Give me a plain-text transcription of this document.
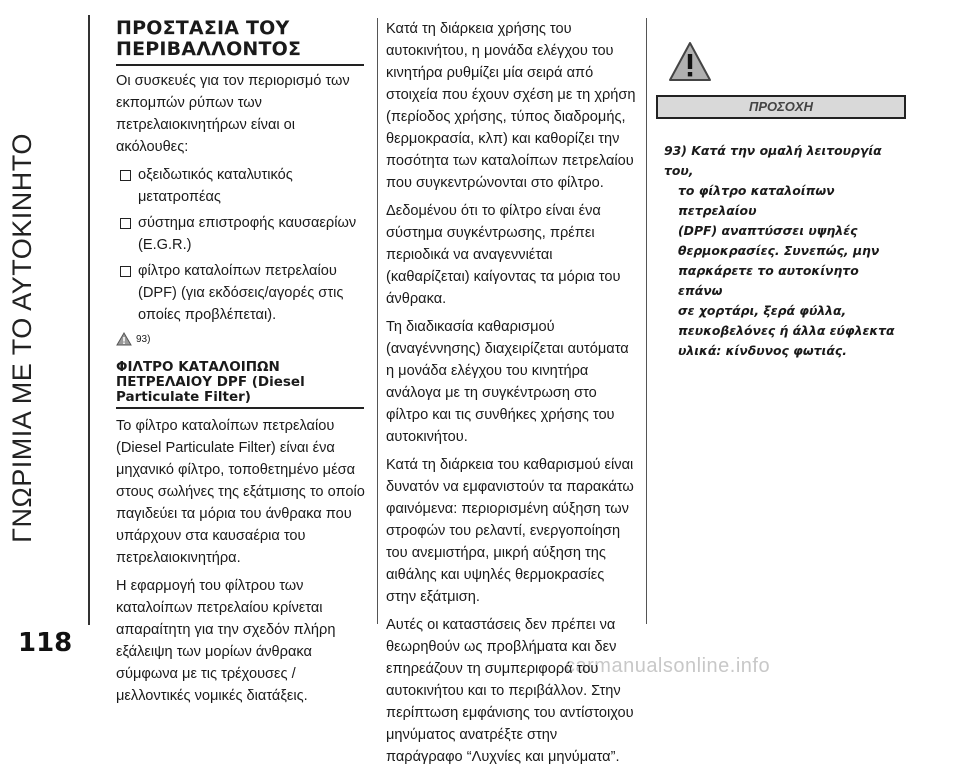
ΓΝΩΡΙΜΙΑ ΜΕ ΤΟ ΑΥΤΟΚΙΝΗΤΟ
118
carmanualsonline.info
ΠΡΟΣΤΑΣΙΑ ΤΟΥ ΠΕΡΙΒΑΛΛΟΝΤΟΣ

Οι συσκευές για τον περιορισμό των εκπομπών ρύπων των πετρελαιοκινητήρων είναι οι ακόλουθες:

οξειδωτικός καταλυτικός μετατροπέας
σύστημα επιστροφής καυσαερίων (E.G.R.)
φίλτρο καταλοίπων πετρελαίου (DPF) (για εκδόσεις/αγορές στις οποίες προβλέπεται).
93)
ΦΙΛΤΡΟ ΚΑΤΑΛΟΙΠΩΝ ΠΕΤΡΕΛΑΙΟΥ DPF (Diesel Particulate Filter)

Το φίλτρο καταλοίπων πετρελαίου (Diesel Particulate Filter) είναι ένα μηχανικό φίλτρο, τοποθετημένο μέσα στους σωλήνες της εξάτμισης το οποίο παγιδεύει τα μόρια του άνθρακα που υπάρχουν στα καυσαέρια του πετρελαιοκινητήρα.

Η εφαρμογή του φίλτρου των καταλοίπων πετρελαίου κρίνεται απαραίτητη για την σχεδόν πλήρη εξάλειψη των μορίων άνθρακα σύμφωνα με τις τρέχουσες / μελλοντικές νομικές διατάξεις.

Κατά τη διάρκεια χρήσης του αυτοκινήτου, η μονάδα ελέγχου του κινητήρα ρυθμίζει μία σειρά από στοιχεία που έχουν σχέση με τη χρήση (περίοδος χρήσης, τύπος διαδρομής, θερμοκρασία, κλπ) και καθορίζει την ποσότητα των καταλοίπων πετρελαίου που συγκεντρώνονται στο φίλτρο.

Δεδομένου ότι το φίλτρο είναι ένα σύστημα συγκέντρωσης, πρέπει περιοδικά να αναγεννιέται (καθαρίζεται) καίγοντας τα μόρια του άνθρακα.

Τη διαδικασία καθαρισμού (αναγέννησης) διαχειρίζεται αυτόματα η μονάδα ελέγχου του κινητήρα ανάλογα με τη συγκέντρωση στο φίλτρο και τις συνθήκες χρήσης του αυτοκινήτου.

Κατά τη διάρκεια του καθαρισμού είναι δυνατόν να εμφανιστούν τα παρακάτω φαινόμενα: περιορισμένη αύξηση των στροφών του ρελαντί, ενεργοποίηση του ανεμιστήρα, μικρή αύξηση της αιθάλης και υψηλές θερμοκρασίες στην εξάτμιση.

Αυτές οι καταστάσεις δεν πρέπει να θεωρηθούν ως προβλήματα και δεν επηρεάζουν τη συμπεριφορά του αυτοκινήτου και το περιβάλλον. Στην περίπτωση εμφάνισης του αντίστοιχου μηνύματος ανατρέξτε στην παράγραφο “Λυχνίες και μηνύματα”.

ΠΡΟΣΟΧΗ
93) Κατά την ομαλή λειτουργία του,
το φίλτρο καταλοίπων πετρελαίου
(DPF) αναπτύσσει υψηλές
θερμοκρασίες. Συνεπώς, μην
παρκάρετε το αυτοκίνητο επάνω
σε χορτάρι, ξερά φύλλα,
πευκοβελόνες ή άλλα εύφλεκτα
υλικά: κίνδυνος φωτιάς.
